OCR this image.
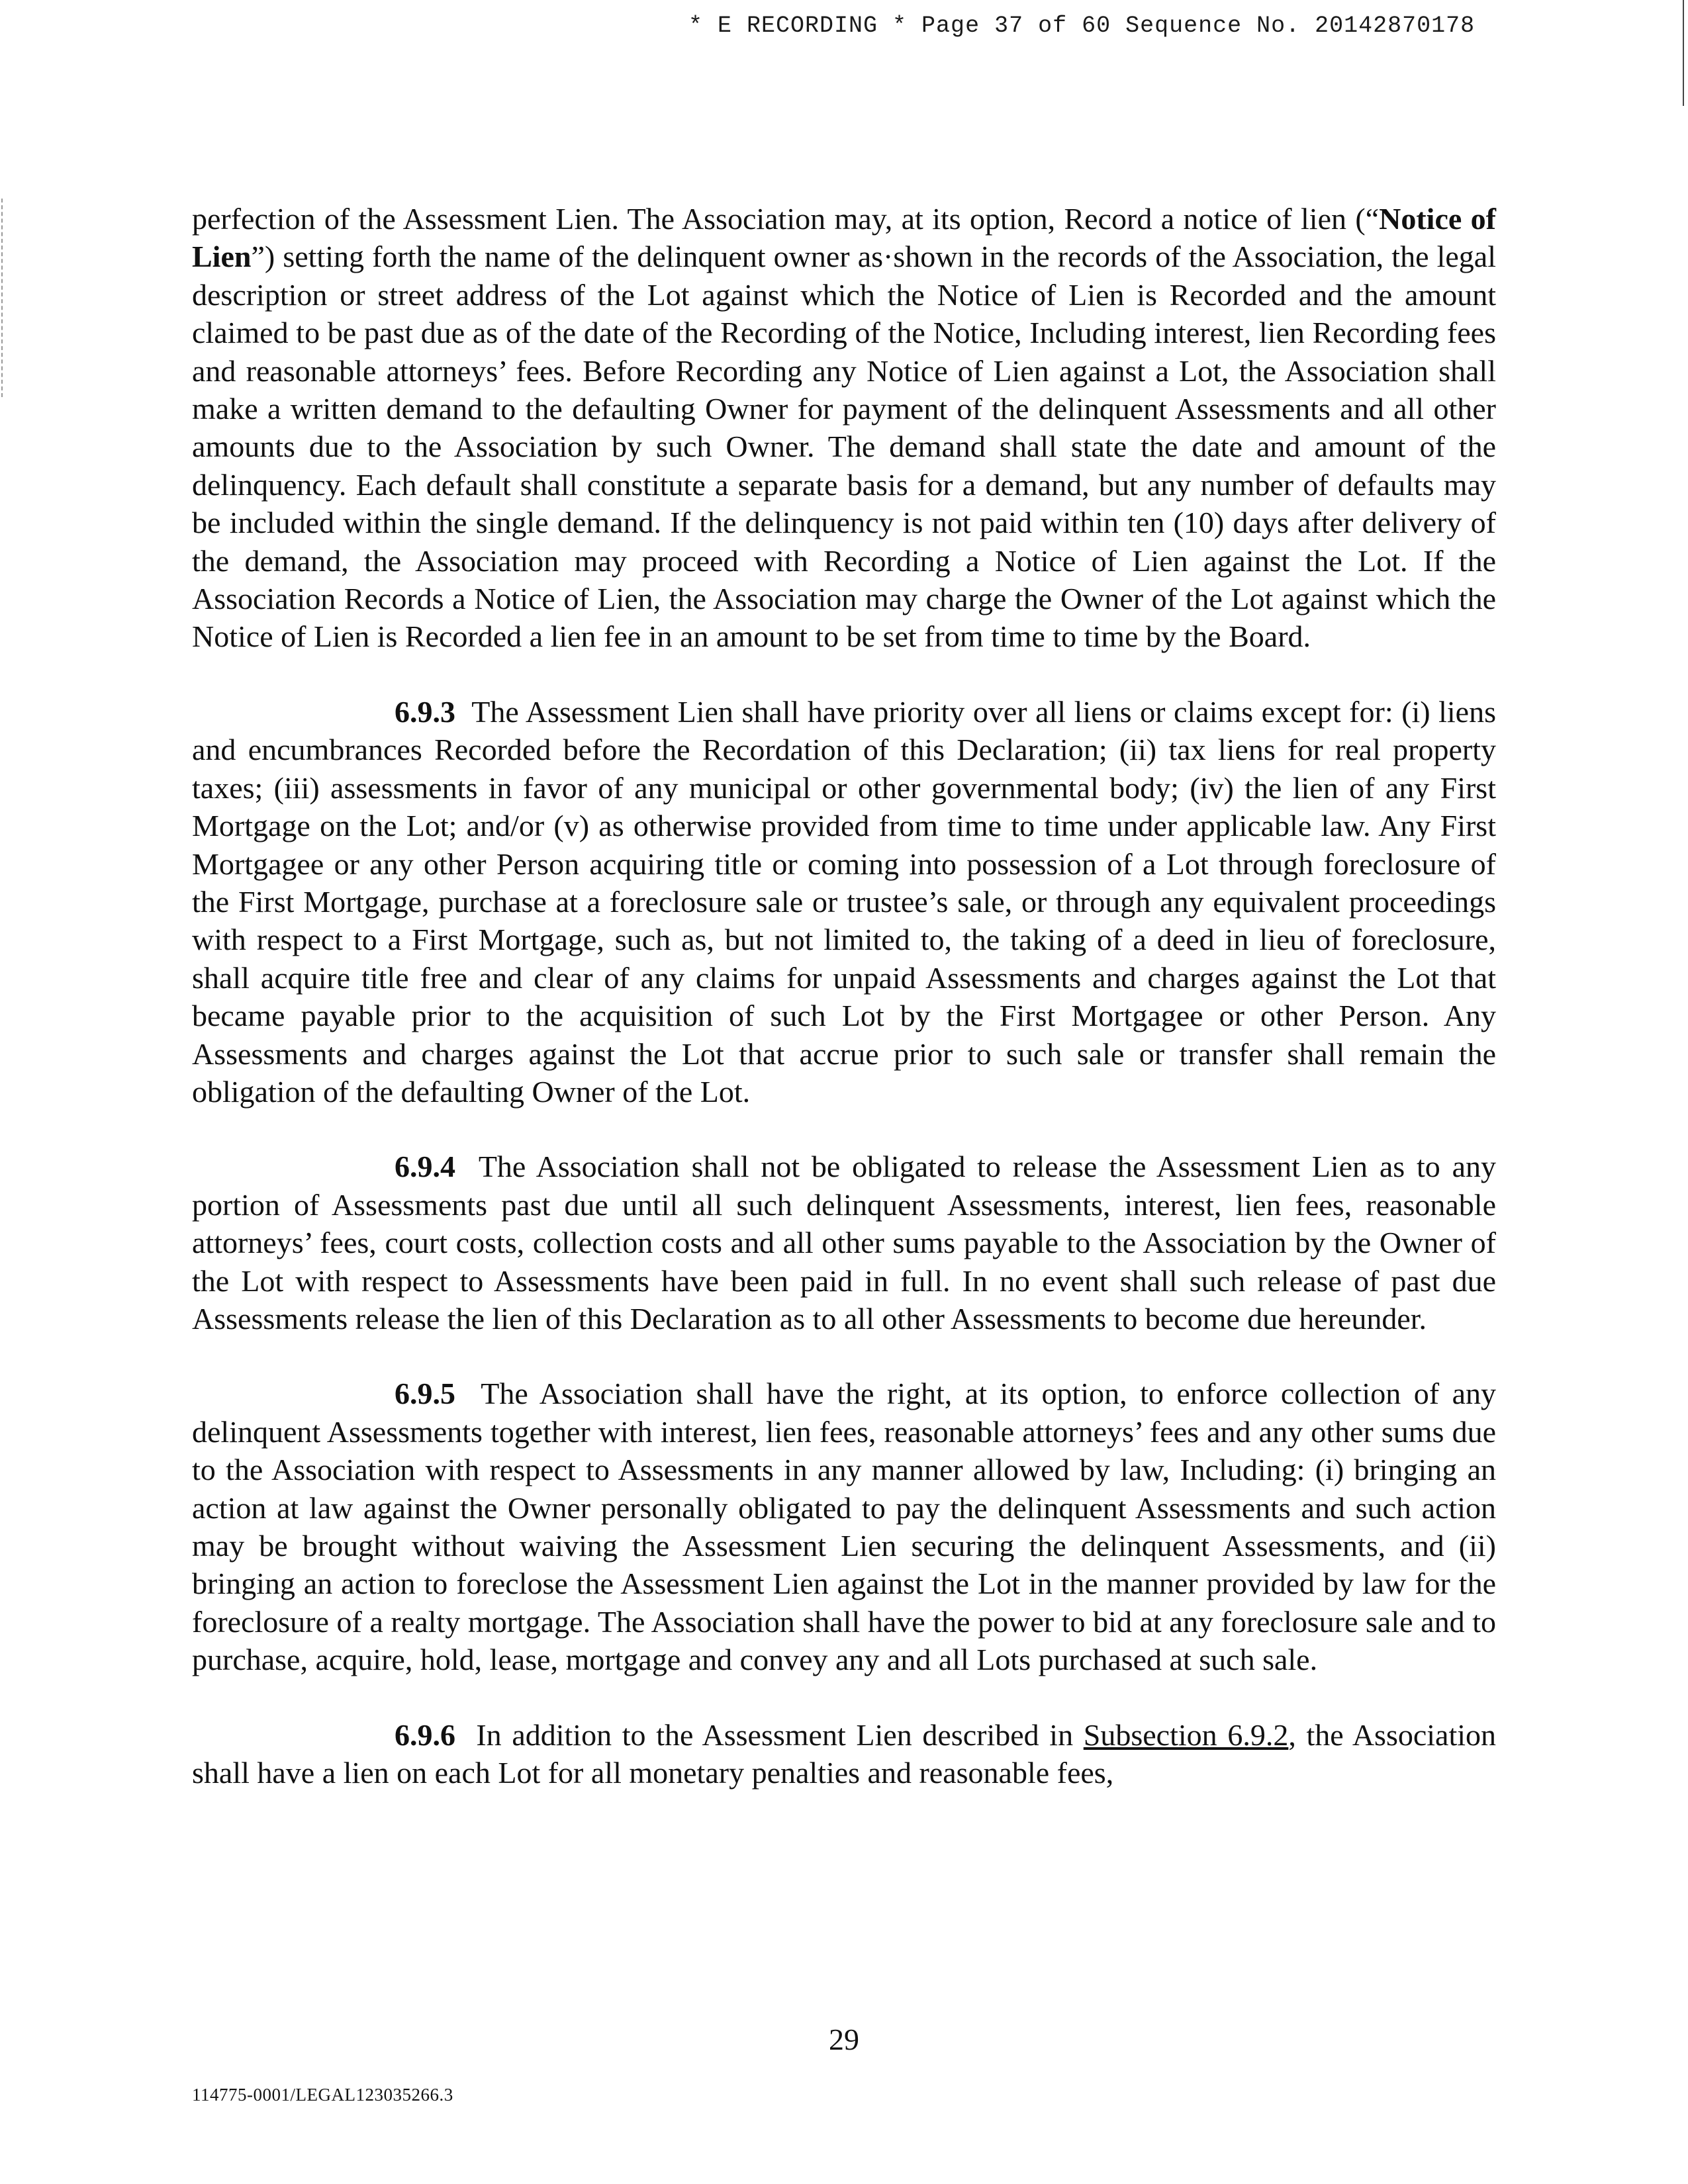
* E RECORDING * Page 37 of 60 Sequence No. 20142870178

perfection of the Assessment Lien. The Association may, at its option, Record a notice of lien (“Notice of Lien”) setting forth the name of the delinquent owner as·shown in the records of the Association, the legal description or street address of the Lot against which the Notice of Lien is Recorded and the amount claimed to be past due as of the date of the Recording of the Notice, Including interest, lien Recording fees and reasonable attorneys’ fees. Before Recording any Notice of Lien against a Lot, the Association shall make a written demand to the defaulting Owner for payment of the delinquent Assessments and all other amounts due to the Association by such Owner. The demand shall state the date and amount of the delinquency. Each default shall constitute a separate basis for a demand, but any number of defaults may be included within the single demand. If the delinquency is not paid within ten (10) days after delivery of the demand, the Association may proceed with Recording a Notice of Lien against the Lot. If the Association Records a Notice of Lien, the Association may charge the Owner of the Lot against which the Notice of Lien is Recorded a lien fee in an amount to be set from time to time by the Board.

6.9.3 The Assessment Lien shall have priority over all liens or claims except for: (i) liens and encumbrances Recorded before the Recordation of this Declaration; (ii) tax liens for real property taxes; (iii) assessments in favor of any municipal or other governmental body; (iv) the lien of any First Mortgage on the Lot; and/or (v) as otherwise provided from time to time under applicable law. Any First Mortgagee or any other Person acquiring title or coming into possession of a Lot through foreclosure of the First Mortgage, purchase at a foreclosure sale or trustee’s sale, or through any equivalent proceedings with respect to a First Mortgage, such as, but not limited to, the taking of a deed in lieu of foreclosure, shall acquire title free and clear of any claims for unpaid Assessments and charges against the Lot that became payable prior to the acquisition of such Lot by the First Mortgagee or other Person. Any Assessments and charges against the Lot that accrue prior to such sale or transfer shall remain the obligation of the defaulting Owner of the Lot.

6.9.4 The Association shall not be obligated to release the Assessment Lien as to any portion of Assessments past due until all such delinquent Assessments, interest, lien fees, reasonable attorneys’ fees, court costs, collection costs and all other sums payable to the Association by the Owner of the Lot with respect to Assessments have been paid in full. In no event shall such release of past due Assessments release the lien of this Declaration as to all other Assessments to become due hereunder.

6.9.5 The Association shall have the right, at its option, to enforce collection of any delinquent Assessments together with interest, lien fees, reasonable attorneys’ fees and any other sums due to the Association with respect to Assessments in any manner allowed by law, Including: (i) bringing an action at law against the Owner personally obligated to pay the delinquent Assessments and such action may be brought without waiving the Assessment Lien securing the delinquent Assessments, and (ii) bringing an action to foreclose the Assessment Lien against the Lot in the manner provided by law for the foreclosure of a realty mortgage. The Association shall have the power to bid at any foreclosure sale and to purchase, acquire, hold, lease, mortgage and convey any and all Lots purchased at such sale.

6.9.6 In addition to the Assessment Lien described in Subsection 6.9.2, the Association shall have a lien on each Lot for all monetary penalties and reasonable fees,

29
114775-0001/LEGAL123035266.3
